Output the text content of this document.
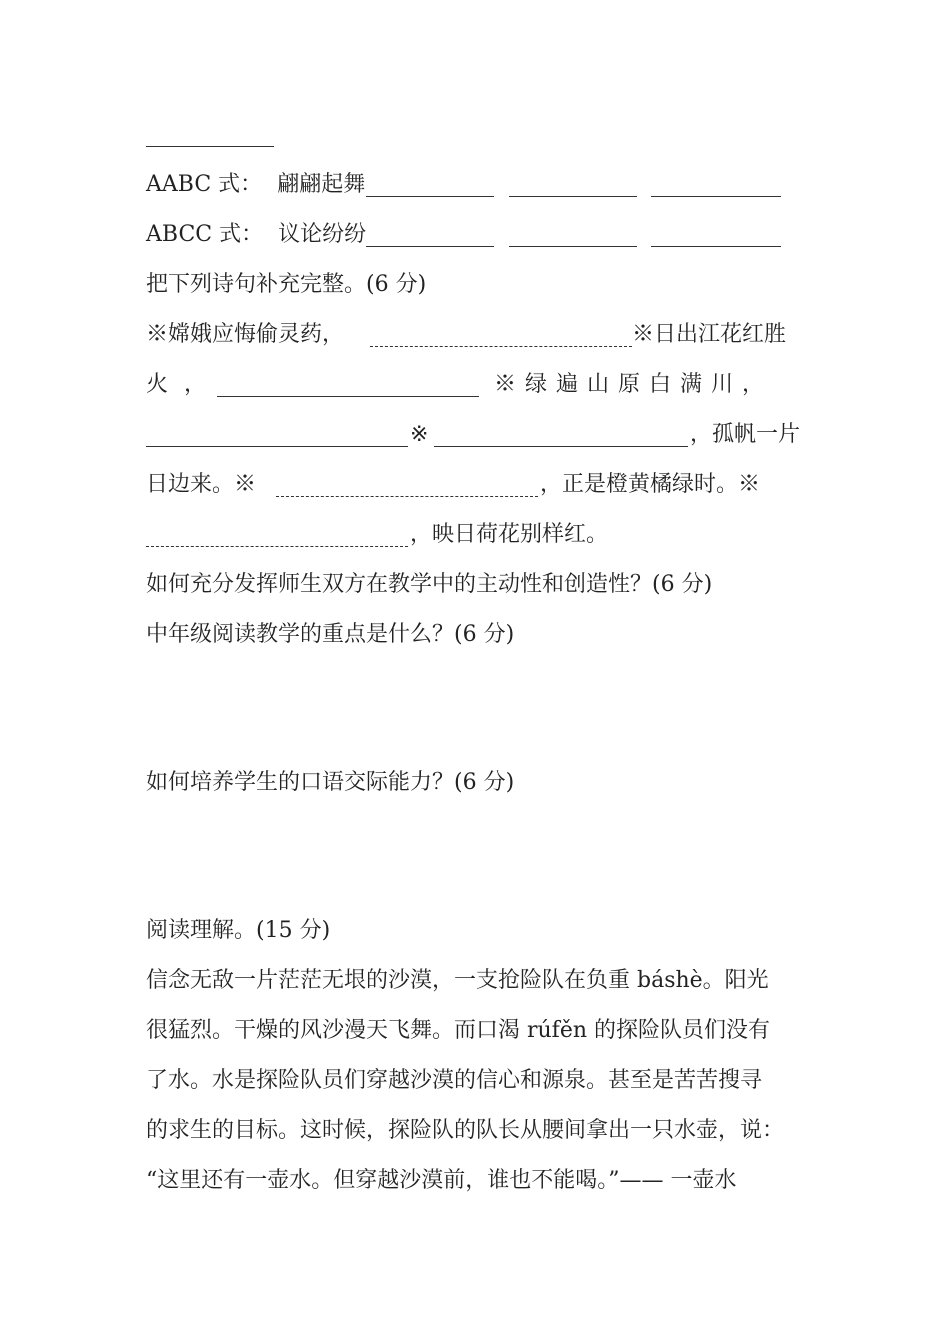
AABC 式： 翩翩起舞
ABCC 式： 议论纷纷
把下列诗句补充完整。(6 分)
※嫦娥应悔偷灵药，	※日出江花红胜
火 ，	※ 绿 遍 山 原 白 满 川 ，
※	，孤帆一片
日边来。※	，正是橙黄橘绿时。※
，映日荷花别样红。
如何充分发挥师生双方在教学中的主动性和创造性？(6 分)
中年级阅读教学的重点是什么？(6 分)
如何培养学生的口语交际能力？(6 分)
阅读理解。(15 分)
信念无敌一片茫茫无垠的沙漠，一支抢险队在负重 báshè。阳光
很猛烈。干燥的风沙漫天飞舞。而口渴 rúfěn 的探险队员们没有
了水。水是探险队员们穿越沙漠的信心和源泉。甚至是苦苦搜寻
的求生的目标。这时候，探险队的队长从腰间拿出一只水壶，说：
“这里还有一壶水。但穿越沙漠前，谁也不能喝。”—— 一壶水
